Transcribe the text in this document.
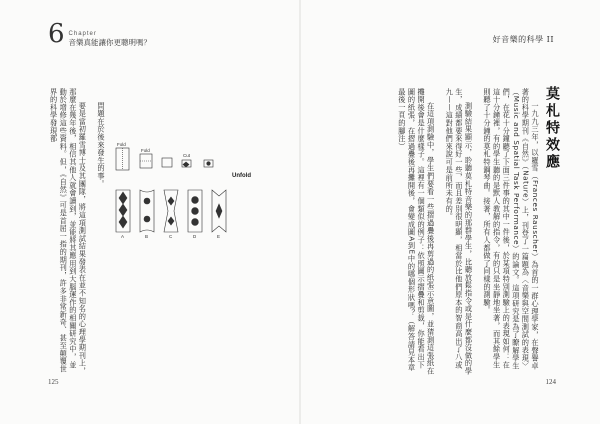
6 Chapter
音樂真能讓你更聰明嗎？	好音樂的科學 II
莫札特效應

一九九三年，以羅雪（Frances Rauscher）為首的一群心理學家，在聲譽卓著的科學期刊《自然》（Nature）上，刊登了一篇題為〈音樂與空間測試的表現〉（Music and Spatial Task Performance）的論文。這項研究是為了瞭解學生們，在花十分鐘聽了下面三件事的其中一件後，於某項特別測驗上的表現如何：在這十分鐘裡，有的學生聽的是默人教解的指令，有的只是坐靜地坐著，而其餘學生則聽了十分鐘的莫札特鋼琴曲。接著，所有人都做了同樣的測驗。

測驗結果顯示，聆聽莫札特音樂的那群學生，比聽放鬆指令或是什麼都沒做的學生，成績都要來得好一些，而且差別很明顯，相當於比他們原本的智商高出了八或九——這對他們來說可是前所未有的。

在這項測驗中，學生們要看一些摺過疊後再剪過的紙張示意圖，並猜測這張紙在攤開後會是什麼樣子。這裡有一個類似的例子：依照圖示摺疊和剪裁，你能看出下圖的紙張，在摺過疊後再攤開後，會變成圖A到E中的哪個形狀嗎？（解答請見本章最後一頁的腳注）

Unfold
Fold
Fold
Cut
A	B	C	D	E

問題在於後來發生的事。

要是當初羅雪博士及其團隊，將這項測試結果發表在並不知名的心理學期刊上，那麼在幾年後，相信其他人就會讀到，並能將其應用到大腦運作的相關研究中，並動於增修這些資料。但，《自然》可是首屈一指的期刊，許多非常新奇、甚至顛覆世界的科學發現都

125	124
